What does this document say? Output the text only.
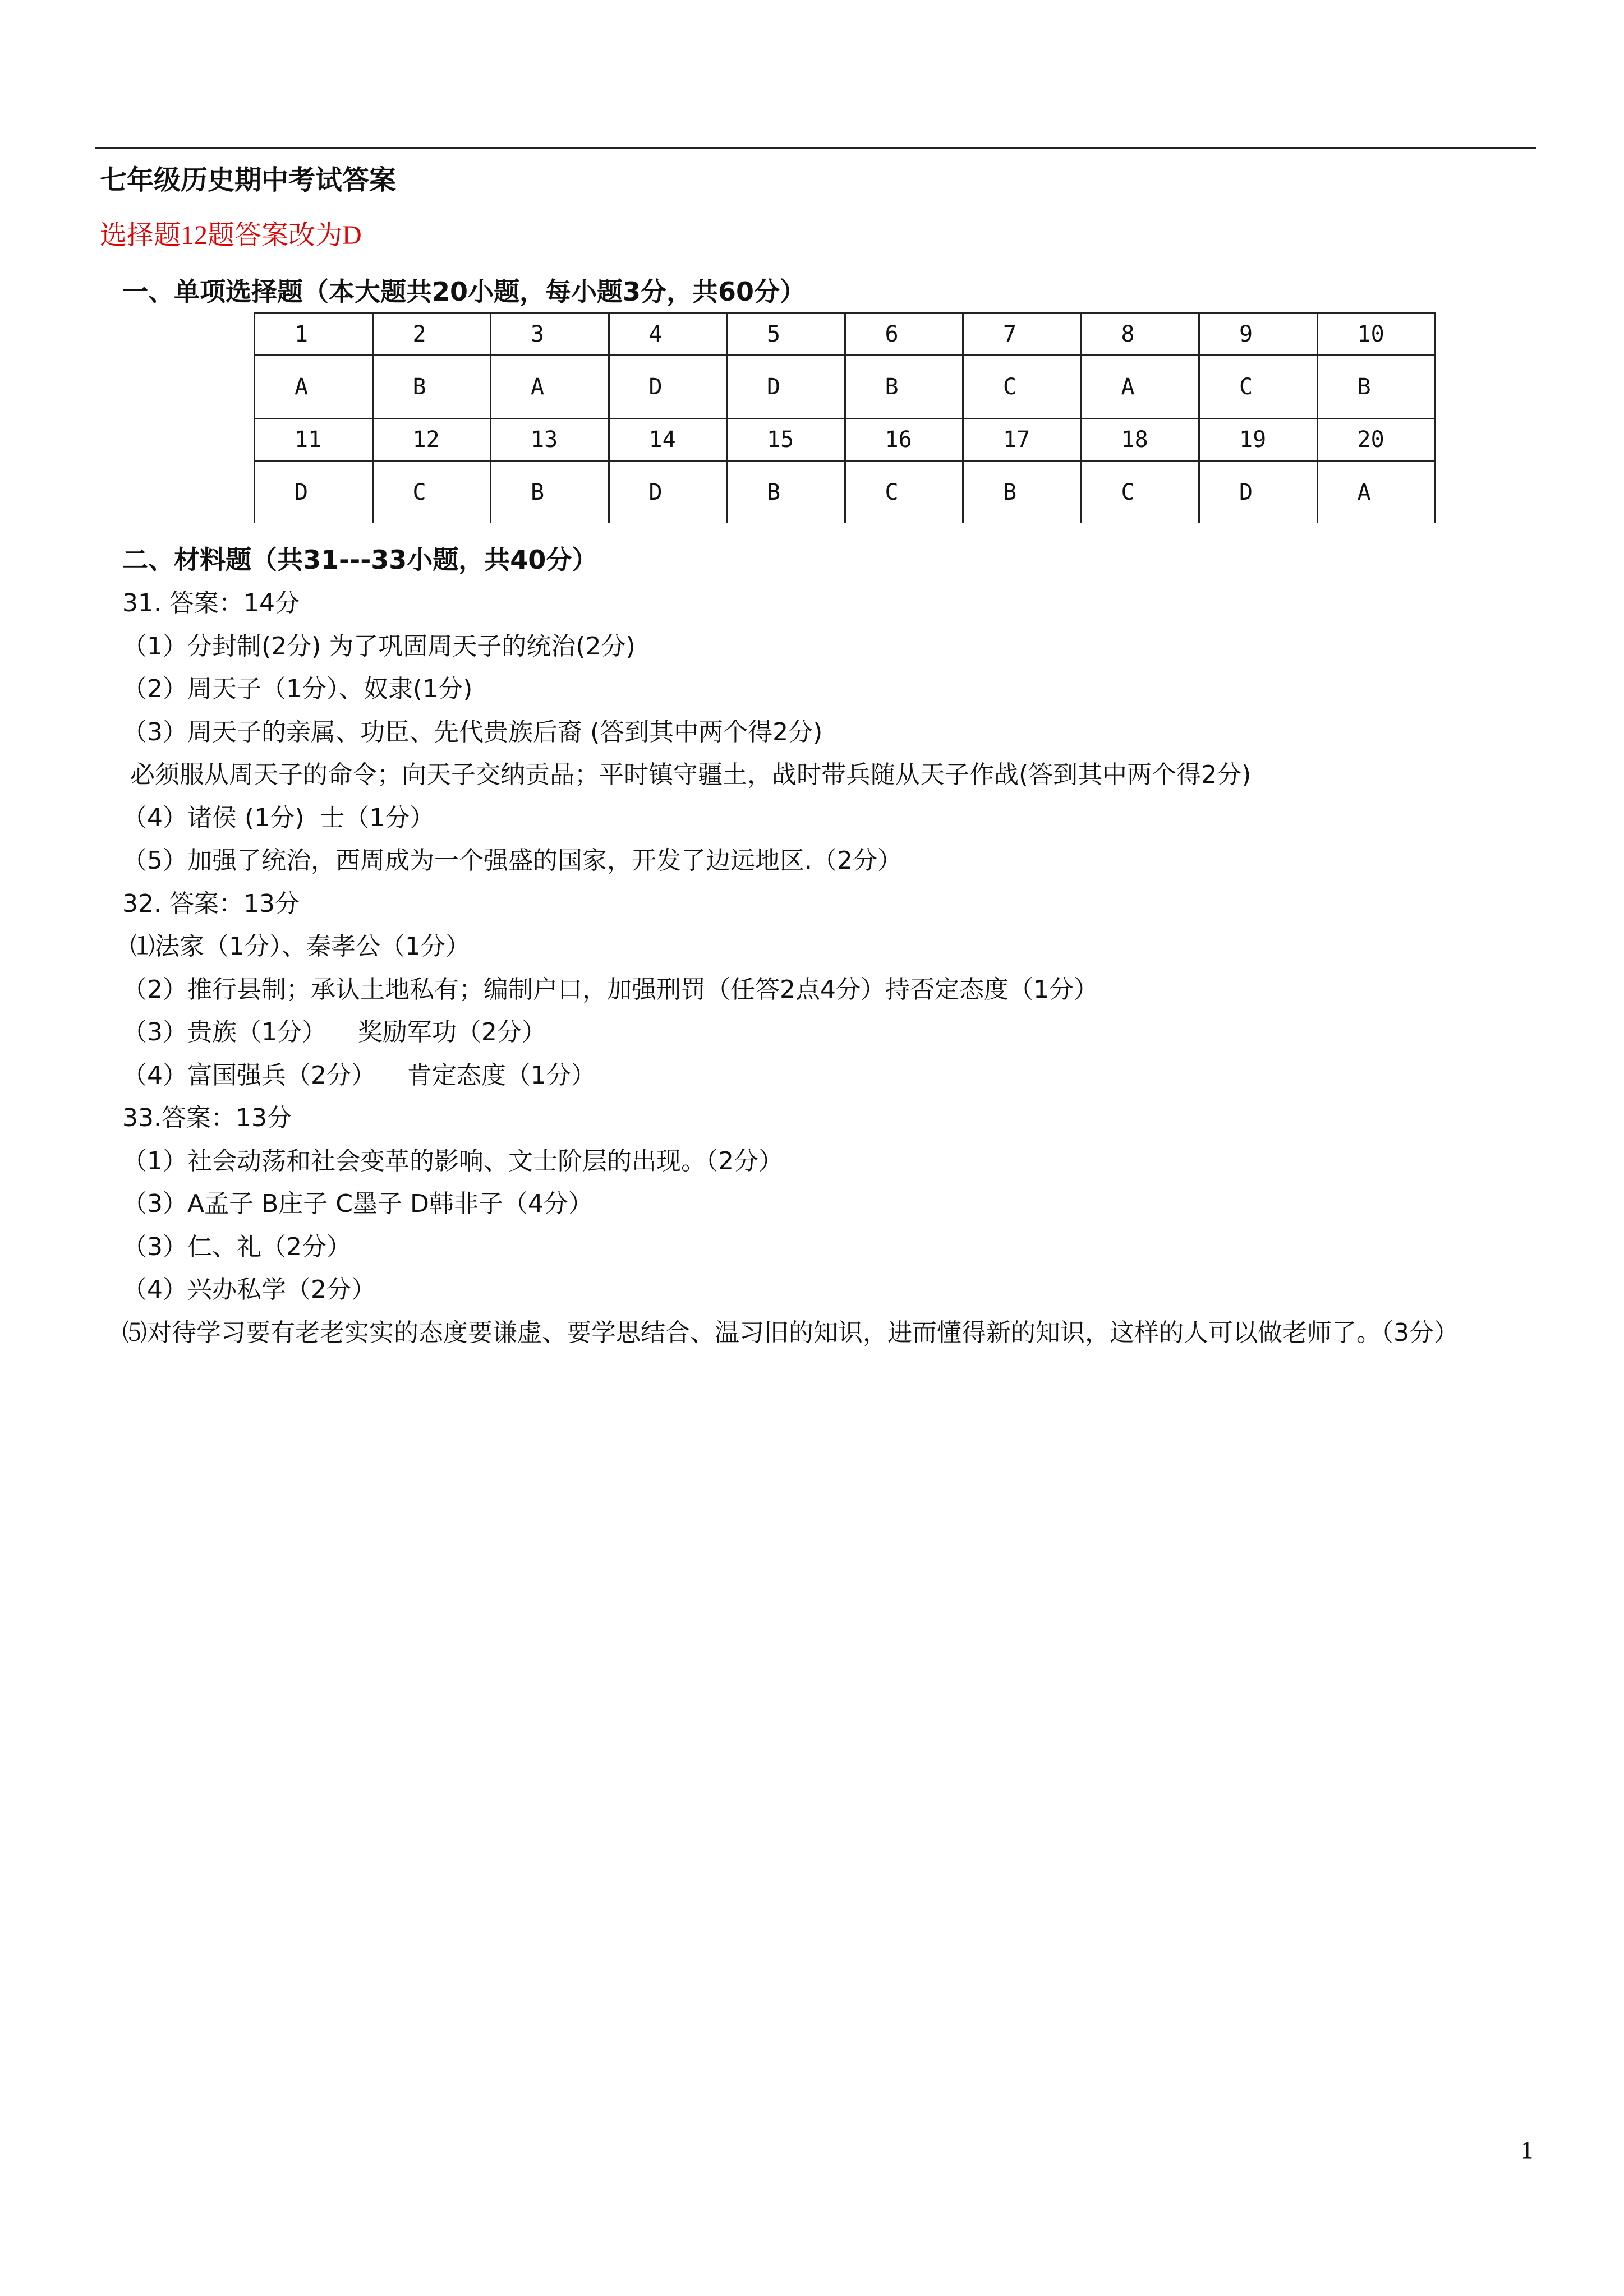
七年级历史期中考试答案
选择题12题答案改为D
一、单项选择题（本大题共20小题，每小题3分，共60分）
1	2	3	4	5	6	7	8	9	10
A	B	A	D	D	B	C	A	C	B
11	12	13	14	15	16	17	18	19	20
D	C	B	D	B	C	B	C	D	A
二、材料题（共31---33小题，共40分）
31. 答案：14分
（1）分封制(2分) 为了巩固周天子的统治(2分)
（2）周天子（1分）、奴隶(1分)
（3）周天子的亲属、功臣、先代贵族后裔 (答到其中两个得2分)
必须服从周天子的命令；向天子交纳贡品；平时镇守疆土，战时带兵随从天子作战(答到其中两个得2分)
（4）诸侯 (1分)  士（1分）
（5）加强了统治，西周成为一个强盛的国家，开发了边远地区.（2分）
32. 答案：13分
⑴法家（1分）、秦孝公（1分）
（2）推行县制；承认土地私有；编制户口，加强刑罚（任答2点4分）持否定态度（1分）
（3）贵族（1分）    奖励军功（2分）
（4）富国强兵（2分）    肯定态度（1分）
33.答案：13分
（1）社会动荡和社会变革的影响、文士阶层的出现。（2分）
（3）A孟子 B庄子 C墨子 D韩非子（4分）
（3）仁、礼（2分）
（4）兴办私学（2分）
⑸对待学习要有老老实实的态度要谦虚、要学思结合、温习旧的知识，进而懂得新的知识，这样的人可以做老师了。（3分）
1
